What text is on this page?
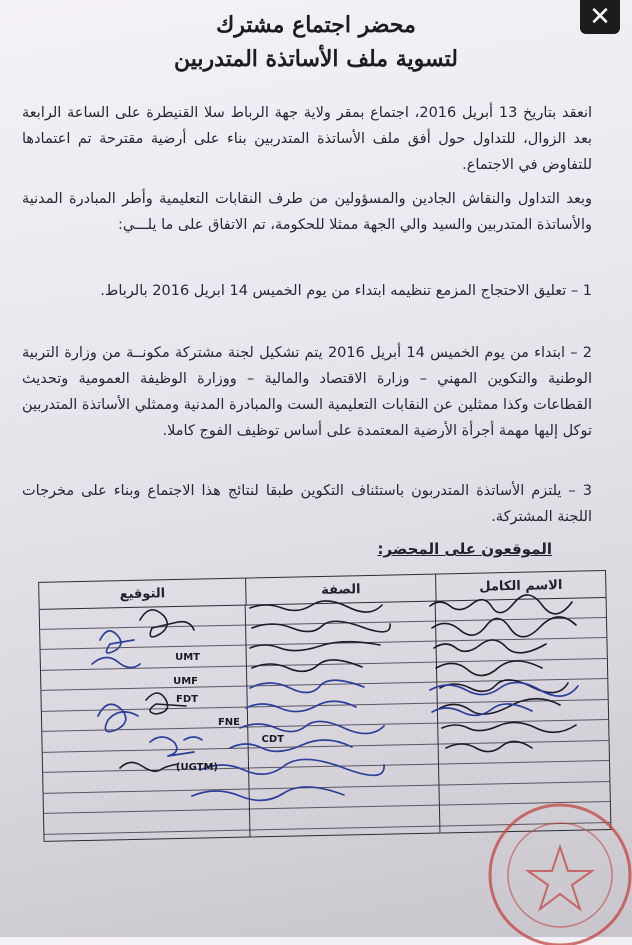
محضر اجتماع مشترك
لتسوية ملف الأساتذة المتدربين

انعقد بتاريخ 13 أبريل 2016، اجتماع بمقر ولاية جهة الرباط سلا القنيطرة على الساعة الرابعة بعد الزوال، للتداول حول أفق ملف الأساتذة المتدربين بناء على أرضية مقترحة تم اعتمادها للتفاوض في الاجتماع.

وبعد التداول والنقاش الجادين والمسؤولين من طرف النقابات التعليمية وأطر المبادرة المدنية والأساتذة المتدربين والسيد والي الجهة ممثلا للحكومة، تم الاتفاق على ما يلـــي:

1 – تعليق الاحتجاج المزمع تنظيمه ابتداء من يوم الخميس 14 ابريل 2016 بالرباط.

2 – ابتداء من يوم الخميس 14 أبريل 2016 يتم تشكيل لجنة مشتركة مكونــة من وزارة التربية الوطنية والتكوين المهني – وزارة الاقتصاد والمالية – ووزارة الوظيفة العمومية وتحديث القطاعات وكذا ممثلين عن النقابات التعليمية الست والمبادرة المدنية وممثلي الأساتذة المتدربين توكل إليها مهمة أجرأة الأرضية المعتمدة على أساس توظيف الفوج كاملا.

3 – يلتزم الأساتذة المتدربون باستئناف التكوين طبقا لنتائج هذا الاجتماع وبناء على مخرجات اللجنة المشتركة.

الموقعون على المحضر:
الاسم الكامل
الصفة
التوقيع
UMT
UMF
FDT
FNE
CDT
(UGTM)
✕
